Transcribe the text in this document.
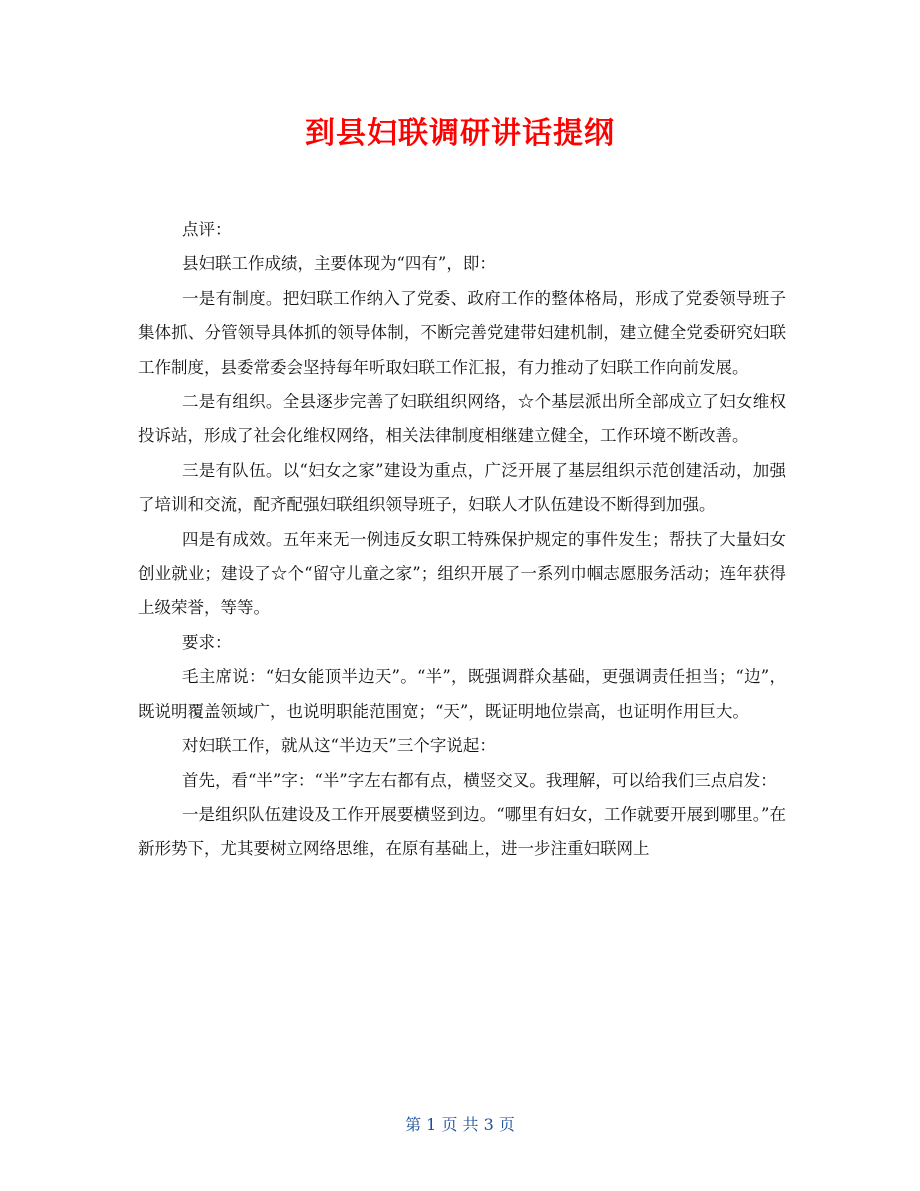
到县妇联调研讲话提纲

点评：

县妇联工作成绩，主要体现为“四有”，即：

一是有制度。把妇联工作纳入了党委、政府工作的整体格局，形成了党委领导班子集体抓、分管领导具体抓的领导体制，不断完善党建带妇建机制，建立健全党委研究妇联工作制度，县委常委会坚持每年听取妇联工作汇报，有力推动了妇联工作向前发展。

二是有组织。全县逐步完善了妇联组织网络，☆个基层派出所全部成立了妇女维权投诉站，形成了社会化维权网络，相关法律制度相继建立健全，工作环境不断改善。

三是有队伍。以“妇女之家”建设为重点，广泛开展了基层组织示范创建活动，加强了培训和交流，配齐配强妇联组织领导班子，妇联人才队伍建设不断得到加强。

四是有成效。五年来无一例违反女职工特殊保护规定的事件发生；帮扶了大量妇女创业就业；建设了☆个“留守儿童之家”；组织开展了一系列巾帼志愿服务活动；连年获得上级荣誉，等等。

要求：

毛主席说：“妇女能顶半边天”。“半”，既强调群众基础，更强调责任担当；“边”，既说明覆盖领域广，也说明职能范围宽；“天”，既证明地位崇高，也证明作用巨大。

对妇联工作，就从这“半边天”三个字说起：

首先，看“半”字：“半”字左右都有点，横竖交叉。我理解，可以给我们三点启发：

一是组织队伍建设及工作开展要横竖到边。“哪里有妇女，工作就要开展到哪里。”在新形势下，尤其要树立网络思维，在原有基础上，进一步注重妇联网上

第 1 页 共 3 页
